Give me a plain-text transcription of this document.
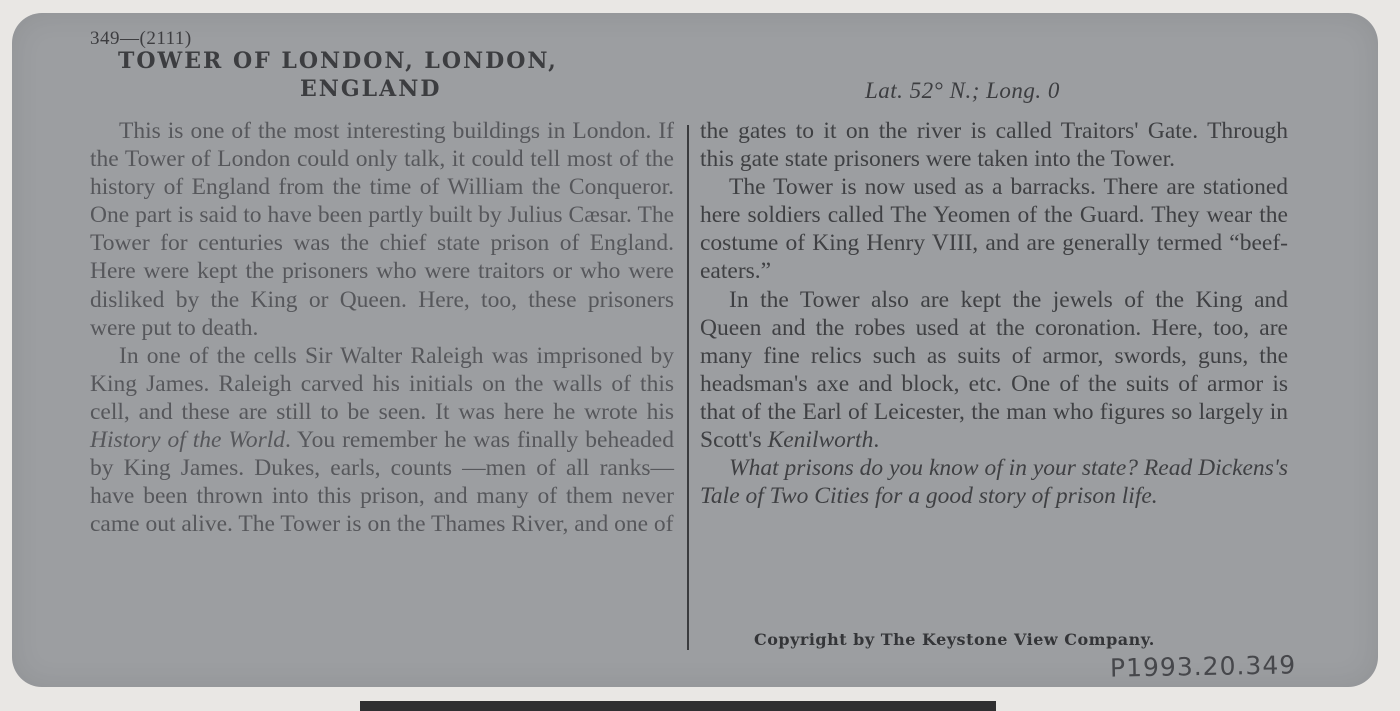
349—(2111)
TOWER OF LONDON, LONDON,
ENGLAND	Lat. 52° N.; Long. 0

This is one of the most interesting buildings in London. If the Tower of London could only talk, it could tell most of the history of England from the time of William the Conqueror. One part is said to have been partly built by Julius Cæsar. The Tower for centuries was the chief state prison of England. Here were kept the prisoners who were traitors or who were disliked by the King or Queen. Here, too, these prisoners were put to death.

In one of the cells Sir Walter Raleigh was imprisoned by King James. Raleigh carved his initials on the walls of this cell, and these are still to be seen. It was here he wrote his History of the World. You remember he was finally beheaded by King James. Dukes, earls, counts —men of all ranks—have been thrown into this prison, and many of them never came out alive. The Tower is on the Thames River, and one of

the gates to it on the river is called Traitors' Gate. Through this gate state prisoners were taken into the Tower.

The Tower is now used as a barracks. There are stationed here soldiers called The Yeomen of the Guard. They wear the costume of King Henry VIII, and are generally termed “beef-eaters.”

In the Tower also are kept the jewels of the King and Queen and the robes used at the coronation. Here, too, are many fine relics such as suits of armor, swords, guns, the headsman's axe and block, etc. One of the suits of armor is that of the Earl of Leicester, the man who figures so largely in Scott's Kenilworth.

What prisons do you know of in your state? Read Dickens's Tale of Two Cities for a good story of prison life.

Copyright by The Keystone View Company.
P1993.20.349
